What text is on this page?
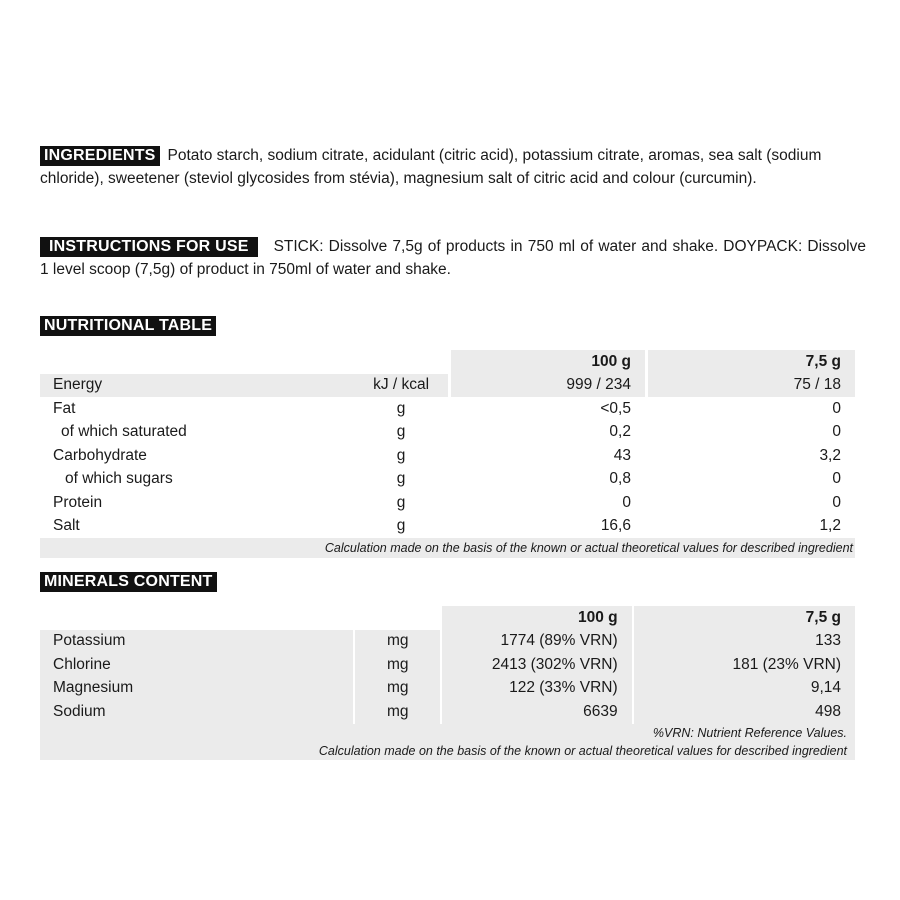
INGREDIENTS Potato starch, sodium citrate, acidulant (citric acid), potassium citrate, aromas, sea salt (sodium chloride), sweetener (steviol glycosides from stévia), magnesium salt of citric acid and colour (curcumin).
INSTRUCTIONS FOR USE STICK: Dissolve 7,5g of products in 750 ml of water and shake. DOYPACK: Dissolve 1 level scoop (7,5g) of product in 750ml of water and shake.
NUTRITIONAL TABLE
		100 g	7,5 g
Energy	kJ / kcal	999 / 234	75 / 18
Fat	g	<0,5	0
of which saturated	g	0,2	0
Carbohydrate	g	43	3,2
of which sugars	g	0,8	0
Protein	g	0	0
Salt	g	16,6	1,2
Calculation made on the basis of the known or actual theoretical values for described ingredient			
MINERALS CONTENT
		100 g	7,5 g
Potassium	mg	1774 (89% VRN)	133
Chlorine	mg	2413 (302% VRN)	181 (23% VRN)
Magnesium	mg	122 (33% VRN)	9,14
Sodium	mg	6639	498
%VRN: Nutrient Reference Values.			
Calculation made on the basis of the known or actual theoretical values for described ingredient			
